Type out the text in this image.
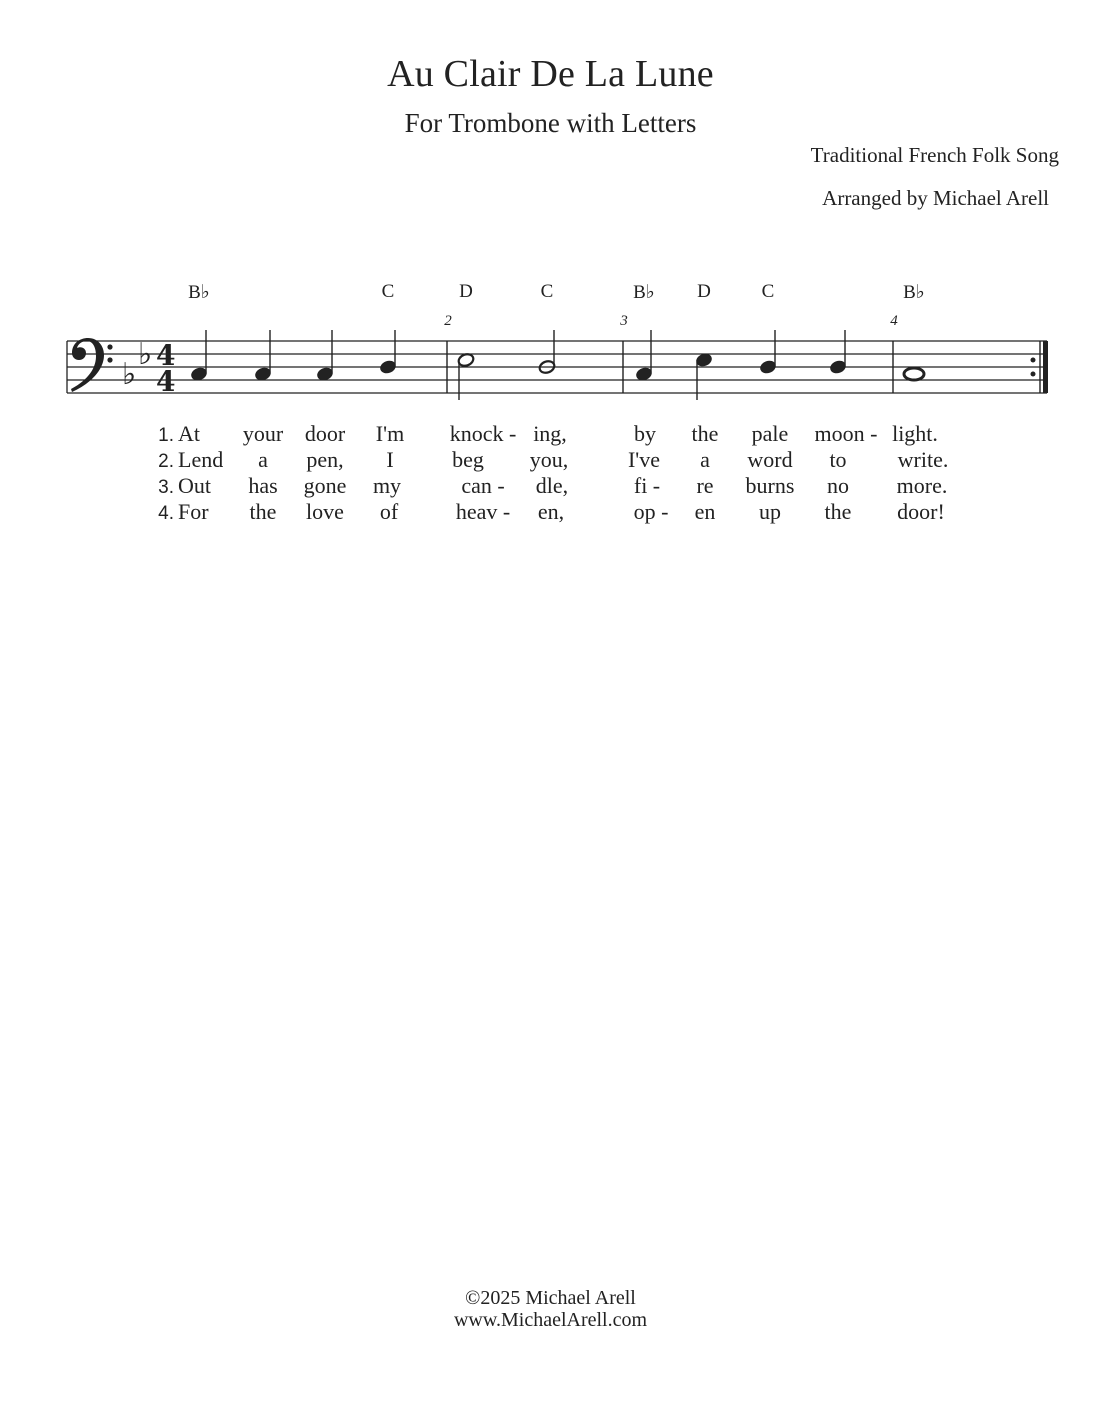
Au Clair De La Lune
For Trombone with Letters
Traditional French Folk Song
Arranged by Michael Arell
B♭	C	D	C	B♭ D	C	B♭
2	3	4
♭
♭ 4
4
1. At your door I'm knock - ing,	by the pale moon - light.
2. Lend a pen, I	beg you,	I've a word to write.
3. Out has gone my	can - dle,	fi - re burns no more.
4. For the love of	heav - en,	op - en up the door!
©2025 Michael Arell
www.MichaelArell.com
